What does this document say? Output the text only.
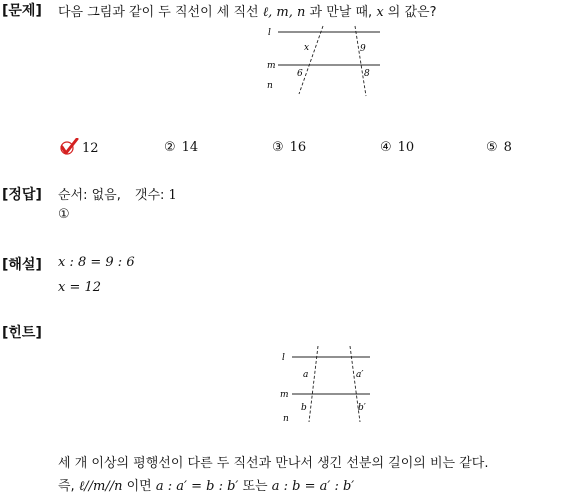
[문제] 다음 그림과 같이 두 직선이 세 직선 ℓ, m, n 과 만날 때, x 의 값은?
l
m
n
x	9
6	8
12	② 14	③ 16	④ 10	⑤ 8
[정답] 순서: 없음, 갯수: 1
①
[해설] x : 8 = 9 : 6
x = 12
[힌트]
l
m
n
a	a′
b	b′
세 개 이상의 평행선이 다른 두 직선과 만나서 생긴 선분의 길이의 비는 같다.
즉, ℓ//m//n 이면 a : a′ = b : b′ 또는 a : b = a′ : b′
